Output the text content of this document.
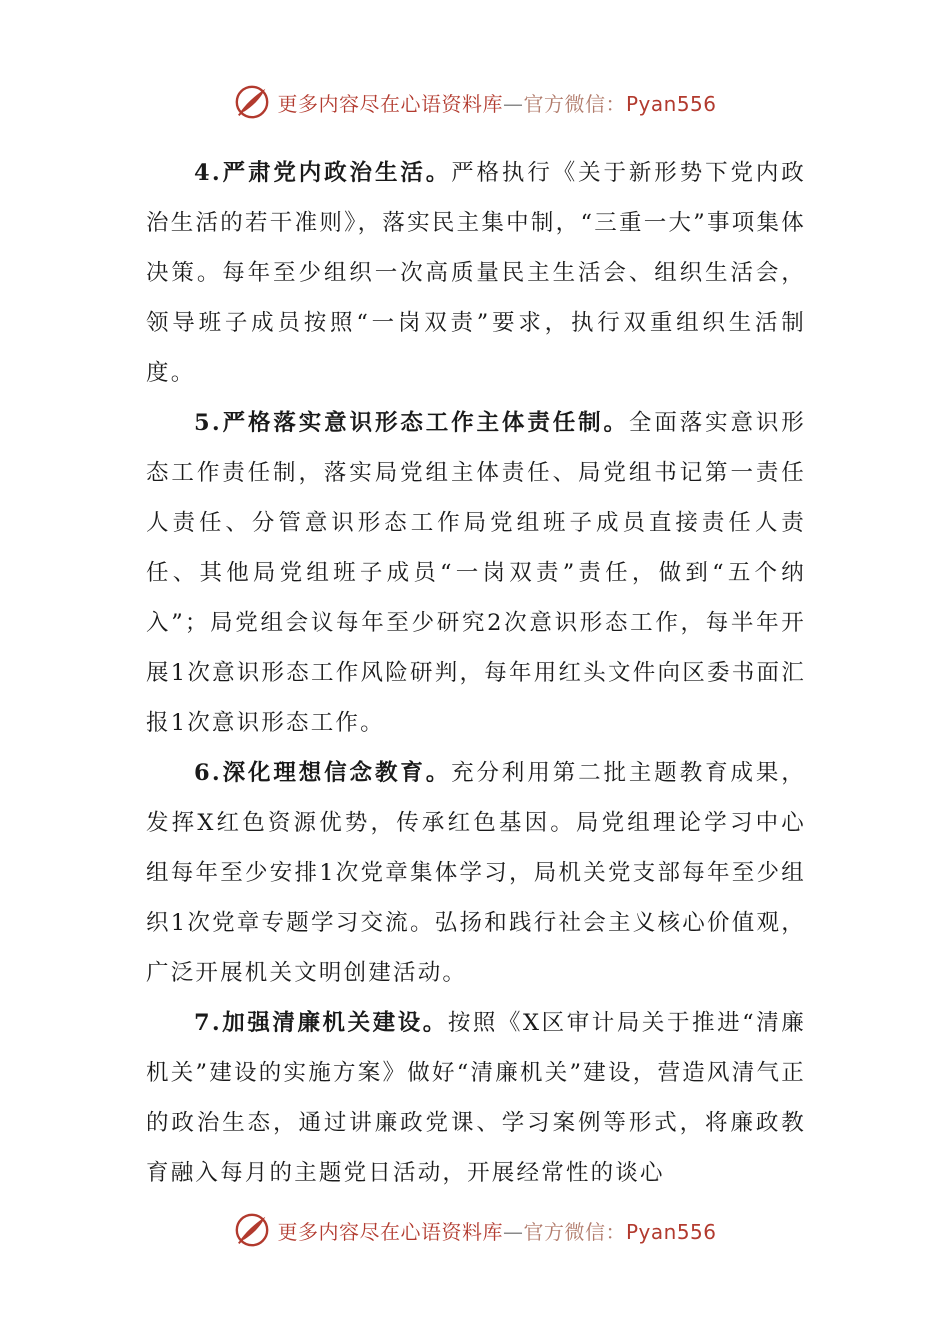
更多内容尽在心语资料库—官方微信：Pyan556

4.严肃党内政治生活。严格执行《关于新形势下党内政治生活的若干准则》，落实民主集中制，“三重一大”事项集体决策。每年至少组织一次高质量民主生活会、组织生活会，领导班子成员按照“一岗双责”要求，执行双重组织生活制度。

5.严格落实意识形态工作主体责任制。全面落实意识形态工作责任制，落实局党组主体责任、局党组书记第一责任人责任、分管意识形态工作局党组班子成员直接责任人责任、其他局党组班子成员“一岗双责”责任，做到“五个纳入”；局党组会议每年至少研究2次意识形态工作，每半年开展1次意识形态工作风险研判，每年用红头文件向区委书面汇报1次意识形态工作。

6.深化理想信念教育。充分利用第二批主题教育成果，发挥X红色资源优势，传承红色基因。局党组理论学习中心组每年至少安排1次党章集体学习，局机关党支部每年至少组织1次党章专题学习交流。弘扬和践行社会主义核心价值观，广泛开展机关文明创建活动。

7.加强清廉机关建设。按照《X区审计局关于推进“清廉机关”建设的实施方案》做好“清廉机关”建设，营造风清气正的政治生态，通过讲廉政党课、学习案例等形式，将廉政教育融入每月的主题党日活动，开展经常性的谈心

更多内容尽在心语资料库—官方微信：Pyan556
